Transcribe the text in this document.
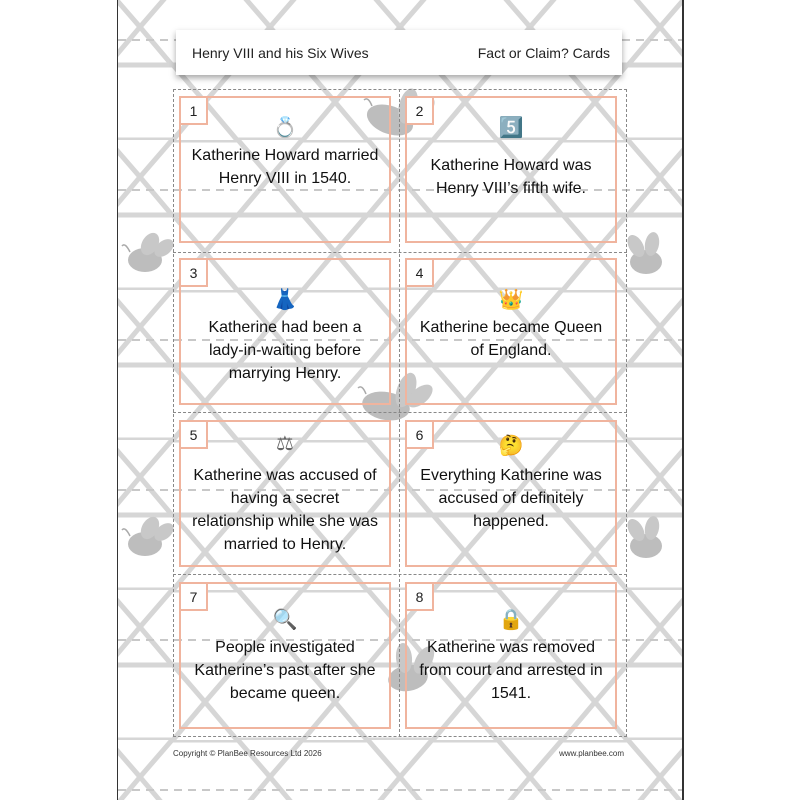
Henry VIII and his Six Wives	Fact or Claim? Cards
1
💍
Katherine Howard married Henry VIII in 1540.
2
5️⃣
Katherine Howard was Henry VIII’s fifth wife.
3
👗
Katherine had been a lady-in-waiting before marrying Henry.
4
👑
Katherine became Queen of England.
5	⚖
Katherine was accused of having a secret relationship while she was married to Henry.
6
🤔
Everything Katherine was accused of definitely happened.
7
🔍
People investigated Katherine’s past after she became queen.
8
🔒
Katherine was removed from court and arrested in 1541.
Copyright © PlanBee Resources Ltd 2026	www.planbee.com
